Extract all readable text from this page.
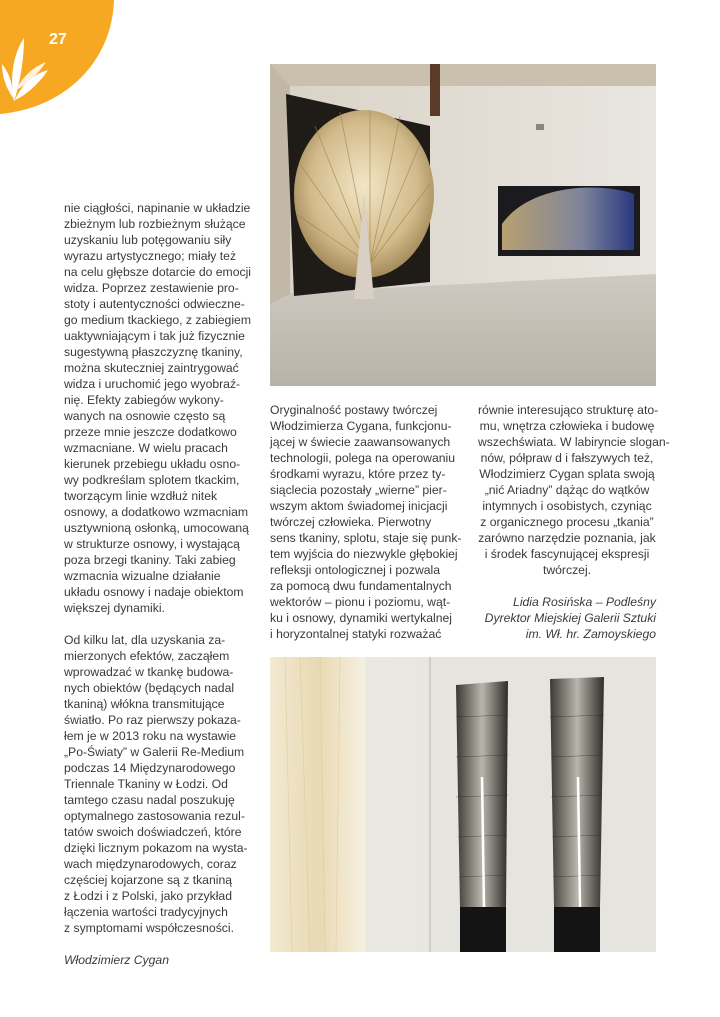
27

nie ciągłości, napinanie w układzie

zbieżnym lub rozbieżnym służące

uzyskaniu lub potęgowaniu siły

wyrazu artystycznego; miały też

na celu głębsze dotarcie do emocji

widza. Poprzez zestawienie pro-

stoty i autentyczności odwieczne-

go medium tkackiego, z zabiegiem

uaktywniającym i tak już fizycznie

sugestywną płaszczyznę tkaniny,

można skuteczniej zaintrygować

widza i uruchomić jego wyobraź-

nię. Efekty zabiegów wykony-

wanych na osnowie często są

przeze mnie jeszcze dodatkowo

wzmacniane. W wielu pracach

kierunek przebiegu układu osno-

wy podkreślam splotem tkackim,

tworzącym linie wzdłuż nitek

osnowy, a dodatkowo wzmacniam

usztywnioną osłonką, umocowaną

w strukturze osnowy, i wystającą

poza brzegi tkaniny. Taki zabieg

wzmacnia wizualne działanie

układu osnowy i nadaje obiektom

większej dynamiki.

Od kilku lat, dla uzyskania za-

mierzonych efektów, zacząłem

wprowadzać w tkankę budowa-

nych obiektów (będących nadal

tkaniną) włókna transmitujące

światło. Po raz pierwszy pokaza-

łem je w 2013 roku na wystawie

„Po-Światy” w Galerii Re-Medium

podczas 14 Międzynarodowego

Triennale Tkaniny w Łodzi. Od

tamtego czasu nadal poszukuję

optymalnego zastosowania rezul-

tatów swoich doświadczeń, które

dzięki licznym pokazom na wysta-

wach międzynarodowych, coraz

częściej kojarzone są z tkaniną

z Łodzi i z Polski, jako przykład

łączenia wartości tradycyjnych

z symptomami współczesności.

Włodzimierz Cygan

Oryginalność postawy twórczej

Włodzimierza Cygana, funkcjonu-

jącej w świecie zaawansowanych

technologii, polega na operowaniu

środkami wyrazu, które przez ty-

siąclecia pozostały „wierne” pier-

wszym aktom świadomej inicjacji

twórczej człowieka. Pierwotny

sens tkaniny, splotu, staje się punk-

tem wyjścia do niezwykle głębokiej

refleksji ontologicznej i pozwala

za pomocą dwu fundamentalnych

wektorów – pionu i poziomu, wąt-

ku i osnowy, dynamiki wertykalnej

i horyzontalnej statyki rozważać

równie interesująco strukturę ato-

mu, wnętrza człowieka i budowę

wszechświata. W labiryncie slogan-

nów, półpraw d i fałszywych też,

Włodzimierz Cygan splata swoją

„nić Ariadny” dążąc do wątków

intymnych i osobistych, czyniąc

z organicznego procesu „tkania”

zarówno narzędzie poznania, jak

i środek fascynującej ekspresji

twórczej.

Lidia Rosińska – Podleśny

Dyrektor Miejskiej Galerii Sztuki

im. Wł. hr. Zamoyskiego
